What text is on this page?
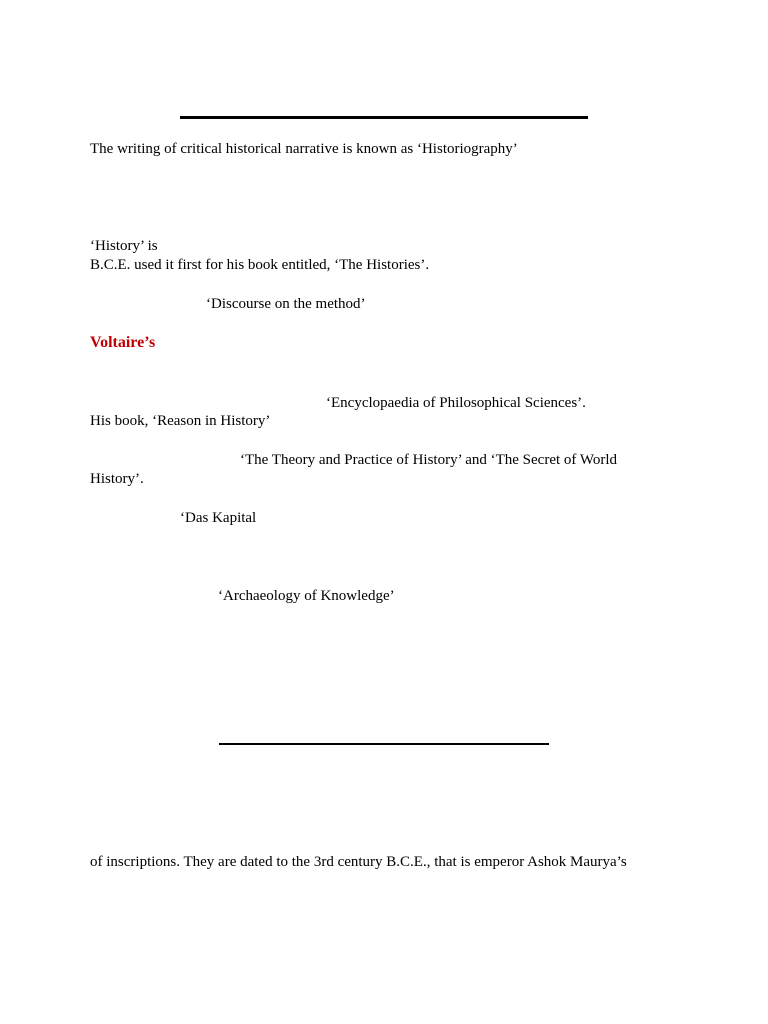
The writing of critical historical narrative is known as ‘Historiography’
‘History’ is
B.C.E. used it first for his book entitled, ‘The Histories’.
‘Discourse on the method’
Voltaire’s
‘Encyclopaedia of Philosophical Sciences’.
His book, ‘Reason in History’
‘The Theory and Practice of History’ and ‘The Secret of World
History’.
‘Das Kapital
‘Archaeology of Knowledge’
of inscriptions. They are dated to the 3rd century B.C.E., that is emperor Ashok Maurya’s
